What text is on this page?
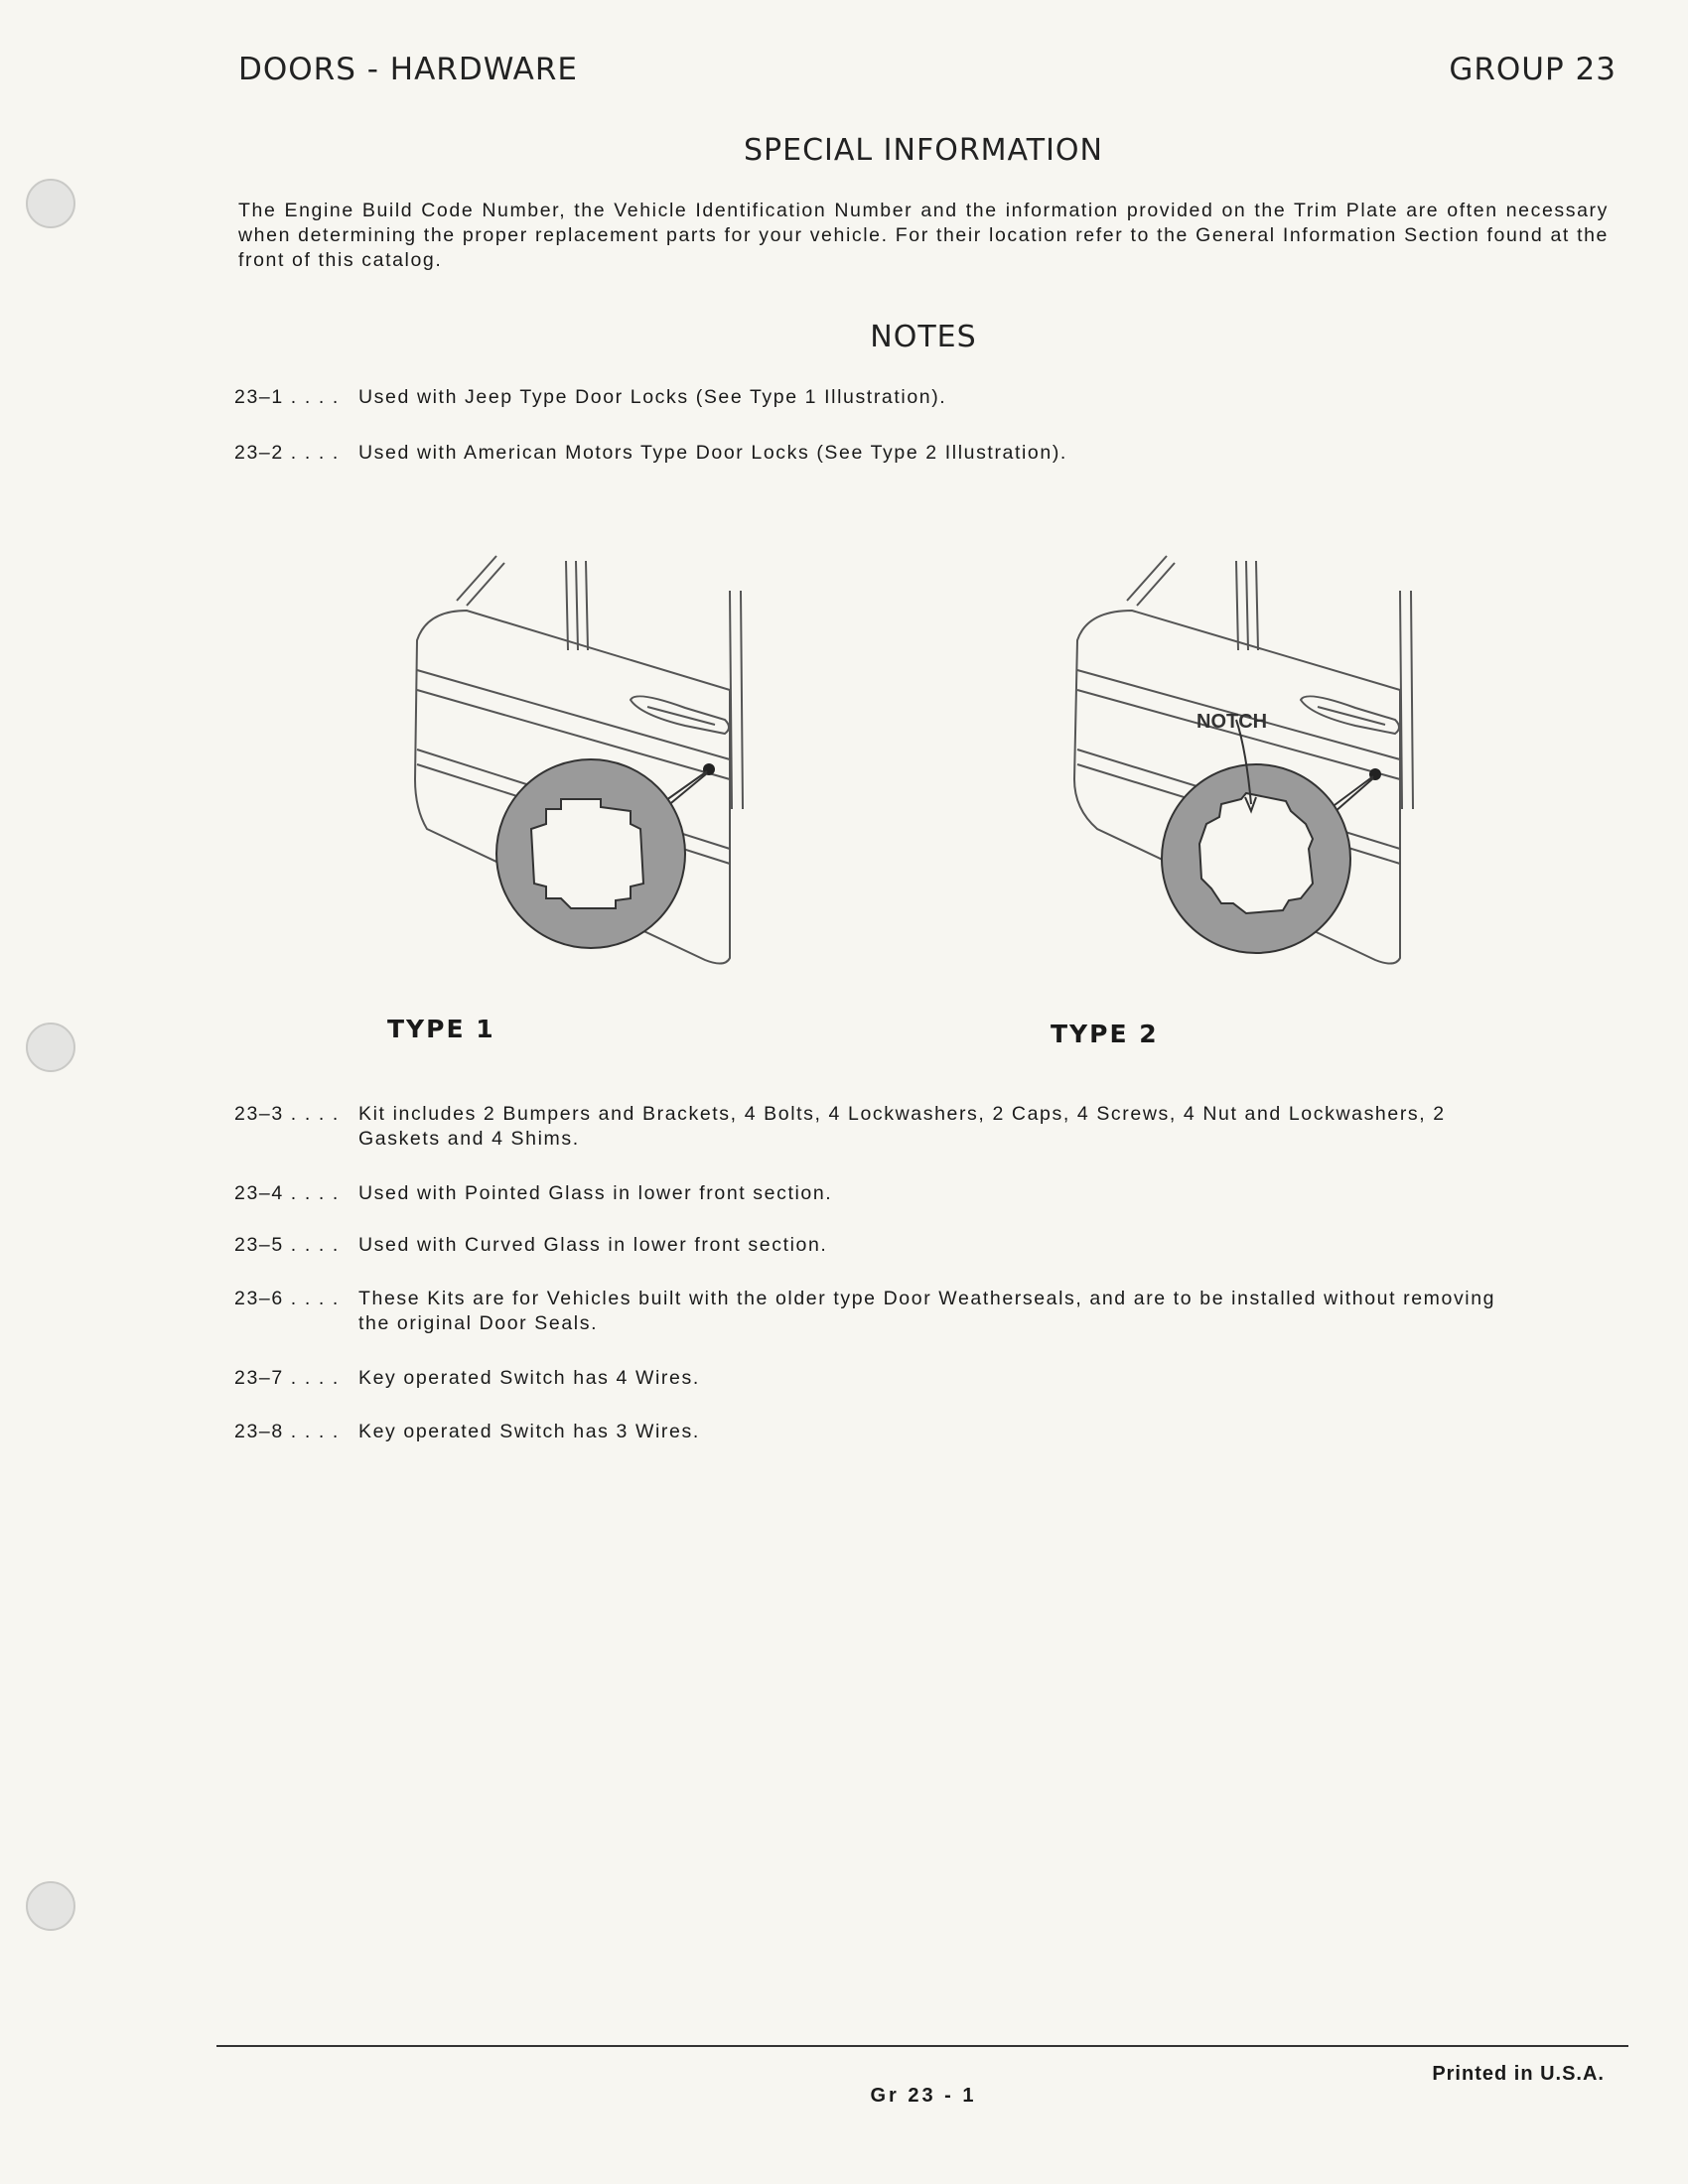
DOORS - HARDWARE	GROUP 23
SPECIAL INFORMATION
The Engine Build Code Number, the Vehicle Identification Number and the information provided on the Trim Plate are often necessary when determining the proper replacement parts for your vehicle. For their location refer to the General Information Section found at the front of this catalog.
NOTES
23–1 . . . . Used with Jeep Type Door Locks (See Type 1 Illustration).
23–2 . . . . Used with American Motors Type Door Locks (See Type 2 Illustration).
NOTCH
TYPE 1	TYPE 2
23–3 . . . . Kit includes 2 Bumpers and Brackets, 4 Bolts, 4 Lockwashers, 2 Caps, 4 Screws, 4 Nut and Lockwashers, 2 Gaskets and 4 Shims.
23–4 . . . . Used with Pointed Glass in lower front section.
23–5 . . . . Used with Curved Glass in lower front section.
23–6 . . . . These Kits are for Vehicles built with the older type Door Weatherseals, and are to be installed without removing the original Door Seals.
23–7 . . . . Key operated Switch has 4 Wires.
23–8 . . . . Key operated Switch has 3 Wires.
Printed in U.S.A.
Gr 23 - 1
